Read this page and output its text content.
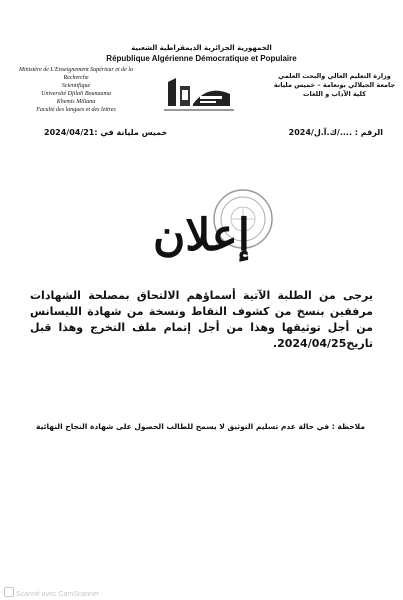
الجمهورية الجزائرية الديمقراطية الشعبية
République Algérienne Démocratique et Populaire
Ministère de L'Enseignement Supérieur et de la Recherche
Scientifique
Université Djilali Bounaama
Khemis Miliana
Faculté des langues et des lettres
وزارة التعليم العالي والبحث العلمي
جامعة الجيلالي بونعامة – خميس مليانة
كلية الآداب و اللغات
خميس مليانة في :2024/04/21	الرقم : ..../ك.آ.ل/2024
إعلان
يرجى من الطلبة الآتية أسماؤهم الالتحاق بمصلحة الشهادات مرفقين بنسخ من كشوف النقاط ونسخة من شهادة الليسانس من أجل توثيقها وهذا من أجل إتمام ملف التخرج وهذا قبل تاريخ2024/04/25.
ملاحظة : في حالة عدم تسليم التوثيق لا يسمح للطالب الحصول على شهادة النجاح النهائية
Scanné avec CamScanner
